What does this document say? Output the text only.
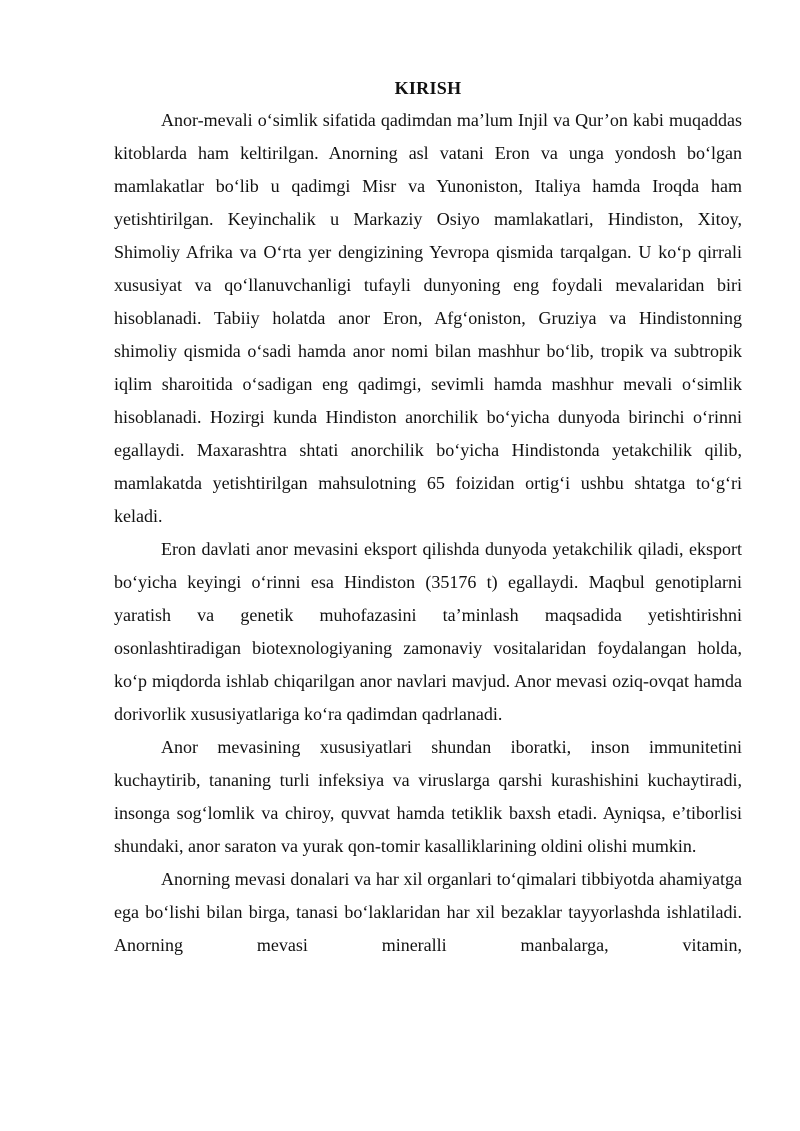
KIRISH

Anor-mevali o‘simlik sifatida qadimdan ma’lum Injil va Qur’on kabi muqaddas kitoblarda ham keltirilgan. Anorning asl vatani Eron va unga yondosh bo‘lgan mamlakatlar bo‘lib u qadimgi Misr va Yunoniston, Italiya hamda Iroqda ham yetishtirilgan. Keyinchalik u Markaziy Osiyo mamlakatlari, Hindiston, Xitoy, Shimoliy Afrika va O‘rta yer dengizining Yevropa qismida tarqalgan. U ko‘p qirrali xususiyat va qo‘llanuvchanligi tufayli dunyoning eng foydali mevalaridan biri hisoblanadi. Tabiiy holatda anor Eron, Afg‘oniston, Gruziya va Hindistonning shimoliy qismida o‘sadi hamda anor nomi bilan mashhur bo‘lib, tropik va subtropik iqlim sharoitida o‘sadigan eng qadimgi, sevimli hamda mashhur mevali o‘simlik hisoblanadi. Hozirgi kunda Hindiston anorchilik bo‘yicha dunyoda birinchi o‘rinni egallaydi. Maxarashtra shtati anorchilik bo‘yicha Hindistonda yetakchilik qilib, mamlakatda yetishtirilgan mahsulotning 65 foizidan ortig‘i ushbu shtatga to‘g‘ri keladi.

Eron davlati anor mevasini eksport qilishda dunyoda yetakchilik qiladi, eksport bo‘yicha keyingi o‘rinni esa Hindiston (35176 t) egallaydi. Maqbul genotiplarni yaratish va genetik muhofazasini ta’minlash maqsadida yetishtirishni osonlashtiradigan biotexnologiyaning zamonaviy vositalaridan foydalangan holda, ko‘p miqdorda ishlab chiqarilgan anor navlari mavjud. Anor mevasi oziq-ovqat hamda dorivorlik xususiyatlariga ko‘ra qadimdan qadrlanadi.

Anor mevasining xususiyatlari shundan iboratki, inson immunitetini kuchaytirib, tananing turli infeksiya va viruslarga qarshi kurashishini kuchaytiradi, insonga sog‘lomlik va chiroy, quvvat hamda tetiklik baxsh etadi. Ayniqsa, e’tiborlisi shundaki, anor saraton va yurak qon-tomir kasalliklarining oldini olishi mumkin.

Anorning mevasi donalari va har xil organlari to‘qimalari tibbiyotda ahamiyatga ega bo‘lishi bilan birga, tanasi bo‘laklaridan har xil bezaklar tayyorlashda ishlatiladi. Anorning mevasi mineralli manbalarga, vitamin,
